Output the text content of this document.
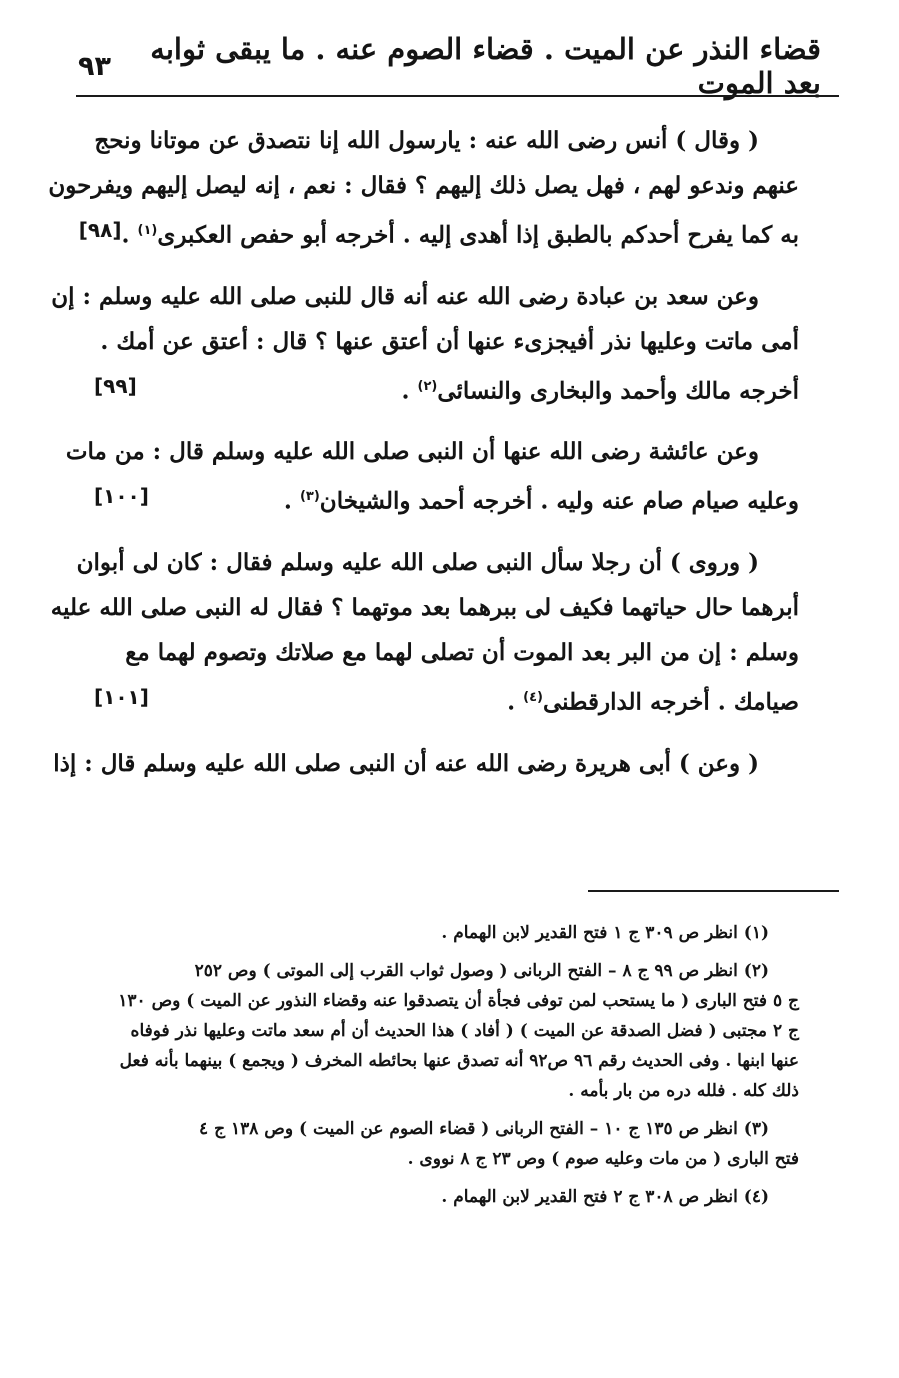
قضاء النذر عن الميت . قضاء الصوم عنه . ما يبقى ثوابه بعد الموت
٩٣
( وقال ) أنس رضى الله عنه : يارسول الله إنا نتصدق عن موتانا ونحج
عنهم وندعو لهم ، فهل يصل ذلك إليهم ؟ فقال : نعم ، إنه ليصل إليهم ويفرحون
به كما يفرح أحدكم بالطبق إذا أهدى إليه . أخرجه أبو حفص العكبرى$^{(١)}$ .
[٩٨]
وعن سعد بن عبادة رضى الله عنه أنه قال للنبى صلى الله عليه وسلم : إن
أمى ماتت وعليها نذر أفيجزىء عنها أن أعتق عنها ؟ قال : أعتق عن أمك .
أخرجه مالك وأحمد والبخارى والنسائى$^{(٢)}$ .
[٩٩]
وعن عائشة رضى الله عنها أن النبى صلى الله عليه وسلم قال : من مات
وعليه صيام صام عنه وليه . أخرجه أحمد والشيخان$^{(٣)}$ .
[١٠٠]
( وروى ) أن رجلا سأل النبى صلى الله عليه وسلم فقال : كان لى أبوان
أبرهما حال حياتهما فكيف لى ببرهما بعد موتهما ؟ فقال له النبى صلى الله عليه
وسلم : إن من البر بعد الموت أن تصلى لهما مع صلاتك وتصوم لهما مع
صيامك . أخرجه الدارقطنى$^{(٤)}$ .
[١٠١]
( وعن ) أبى هريرة رضى الله عنه أن النبى صلى الله عليه وسلم قال : إذا
(١) انظر ص ٣٠٩ ج ١ فتح القدير لابن الهمام .
(٢) انظر ص ٩٩ ج ٨ – الفتح الربانى ( وصول ثواب القرب إلى الموتى ) وص ٢٥٢
ج ٥ فتح البارى ( ما يستحب لمن توفى فجأة أن يتصدقوا عنه وقضاء النذور عن الميت ) وص ١٣٠
ج ٢ مجتبى ( فضل الصدقة عن الميت ) ( أفاد ) هذا الحديث أن أم سعد ماتت وعليها نذر فوفاه
عنها ابنها . وفى الحديث رقم ٩٦ ص٩٢ أنه تصدق عنها بحائطه المخرف ( ويجمع ) بينهما بأنه فعل
ذلك كله . فلله دره من بار بأمه .
(٣) انظر ص ١٣٥ ج ١٠ – الفتح الربانى ( قضاء الصوم عن الميت ) وص ١٣٨ ج ٤
فتح البارى ( من مات وعليه صوم ) وص ٢٣ ج ٨ نووى .
(٤) انظر ص ٣٠٨ ج ٢ فتح القدير لابن الهمام .
